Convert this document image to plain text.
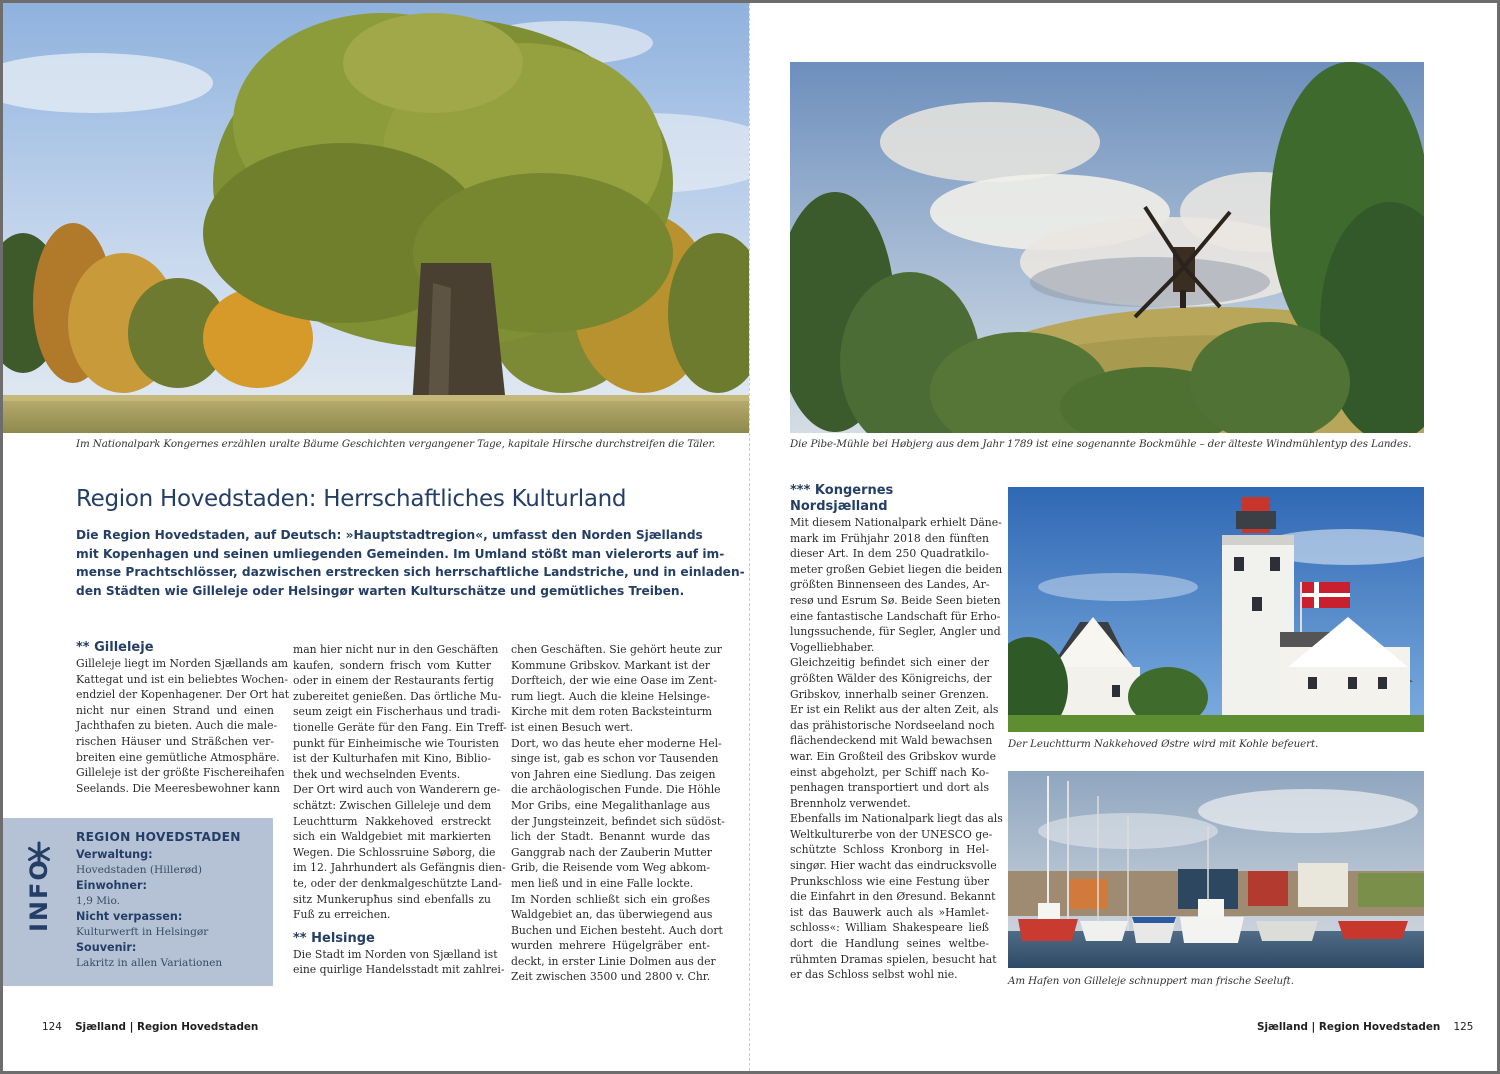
Im Nationalpark Kongernes erzählen uralte Bäume Geschichten vergangener Tage, kapitale Hirsche durchstreifen die Täler.
Region Hovedstaden: Herrschaftliches Kulturland
Die Region Hovedstaden, auf Deutsch: »Hauptstadtregion«, umfasst den Norden Sjællands
mit Kopenhagen und seinen umliegenden Gemeinden. Im Umland stößt man vielerorts auf im-
mense Prachtschlösser, dazwischen erstrecken sich herrschaftliche Landstriche, und in einladen-
den Städten wie Gilleleje oder Helsingør warten Kulturschätze und gemütliches Treiben.
** Gilleleje
Gilleleje liegt im Norden Sjællands am
Kattegat und ist ein beliebtes Wochen-
endziel der Kopenhagener. Der Ort hat
nicht nur einen Strand und einen
Jachthafen zu bieten. Auch die male-
rischen Häuser und Sträßchen ver-
breiten eine gemütliche Atmosphäre.
Gilleleje ist der größte Fischereihafen
Seelands. Die Meeresbewohner kann
INFO
REGION HOVEDSTADEN
Verwaltung:
Hovedstaden (Hillerød)
Einwohner:
1,9 Mio.
Nicht verpassen:
Kulturwerft in Helsingør
Souvenir:
Lakritz in allen Variationen
man hier nicht nur in den Geschäften
kaufen, sondern frisch vom Kutter
oder in einem der Restaurants fertig
zubereitet genießen. Das örtliche Mu-
seum zeigt ein Fischerhaus und tradi-
tionelle Geräte für den Fang. Ein Treff-
punkt für Einheimische wie Touristen
ist der Kulturhafen mit Kino, Biblio-
thek und wechselnden Events.
Der Ort wird auch von Wanderern ge-
schätzt: Zwischen Gilleleje und dem
Leuchtturm Nakkehoved erstreckt
sich ein Waldgebiet mit markierten
Wegen. Die Schlossruine Søborg, die
im 12. Jahrhundert als Gefängnis dien-
te, oder der denkmalgeschützte Land-
sitz Munkerupħus sind ebenfalls zu
Fuß zu erreichen.
** Helsinge
Die Stadt im Norden von Sjælland ist
eine quirlige Handelsstadt mit zahlrei-
chen Geschäften. Sie gehört heute zur
Kommune Gribskov. Markant ist der
Dorfteich, der wie eine Oase im Zent-
rum liegt. Auch die kleine Helsinge-
Kirche mit dem roten Backsteinturm
ist einen Besuch wert.
Dort, wo das heute eher moderne Hel-
singe ist, gab es schon vor Tausenden
von Jahren eine Siedlung. Das zeigen
die archäologischen Funde. Die Höhle
Mor Gribs, eine Megalithanlage aus
der Jungsteinzeit, befindet sich südöst-
lich der Stadt. Benannt wurde das
Ganggrab nach der Zauberin Mutter
Grib, die Reisende vom Weg abkom-
men ließ und in eine Falle lockte.
Im Norden schließt sich ein großes
Waldgebiet an, das überwiegend aus
Buchen und Eichen besteht. Auch dort
wurden mehrere Hügelgräber ent-
deckt, in erster Linie Dolmen aus der
Zeit zwischen 3500 und 2800 v. Chr.
124 Sjælland | Region Hovedstaden
Die Pibe-Mühle bei Høbjerg aus dem Jahr 1789 ist eine sogenannte Bockmühle – der älteste Windmühlentyp des Landes.
*** Kongernes
Nordsjælland
Mit diesem Nationalpark erhielt Däne-
mark im Frühjahr 2018 den fünften
dieser Art. In dem 250 Quadratkilo-
meter großen Gebiet liegen die beiden
größten Binnenseen des Landes, Ar-
resø und Esrum Sø. Beide Seen bieten
eine fantastische Landschaft für Erho-
lungssuchende, für Segler, Angler und
Vogelliebhaber.
Gleichzeitig befindet sich einer der
größten Wälder des Königreichs, der
Gribskov, innerhalb seiner Grenzen.
Er ist ein Relikt aus der alten Zeit, als
das prähistorische Nordseeland noch
flächendeckend mit Wald bewachsen
war. Ein Großteil des Gribskov wurde
einst abgeholzt, per Schiff nach Ko-
penhagen transportiert und dort als
Brennholz verwendet.
Ebenfalls im Nationalpark liegt das als
Weltkulturerbe von der UNESCO ge-
schützte Schloss Kronborg in Hel-
singør. Hier wacht das eindrucksvolle
Prunkschloss wie eine Festung über
die Einfahrt in den Øresund. Bekannt
ist das Bauwerk auch als »Hamlet-
schloss«: William Shakespeare ließ
dort die Handlung seines weltbe-
rühmten Dramas spielen, besucht hat
er das Schloss selbst wohl nie.
Der Leuchtturm Nakkehoved Østre wird mit Kohle befeuert.
Am Hafen von Gilleleje schnuppert man frische Seeluft.
Sjælland | Region Hovedstaden 125
